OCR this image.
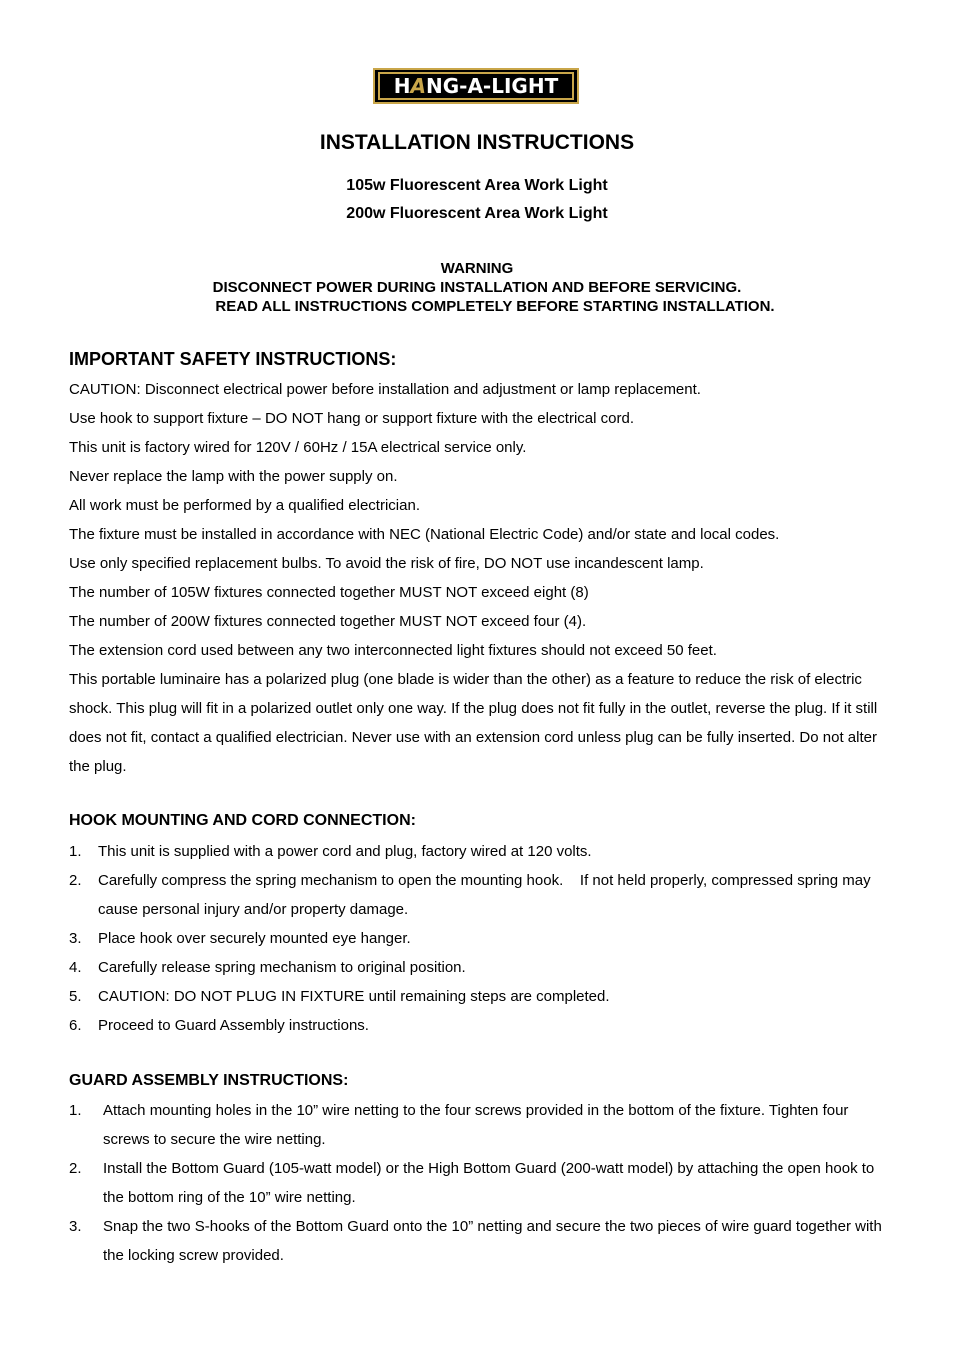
H A NG-A-LIGHT
INSTALLATION INSTRUCTIONS
105w Fluorescent Area Work Light
200w Fluorescent Area Work Light
WARNING
DISCONNECT POWER DURING INSTALLATION AND BEFORE SERVICING.
READ ALL INSTRUCTIONS COMPLETELY BEFORE STARTING INSTALLATION.
IMPORTANT SAFETY INSTRUCTIONS:

CAUTION: Disconnect electrical power before installation and adjustment or lamp replacement.

Use hook to support fixture – DO NOT hang or support fixture with the electrical cord.

This unit is factory wired for 120V / 60Hz / 15A electrical service only.

Never replace the lamp with the power supply on.

All work must be performed by a qualified electrician.

The fixture must be installed in accordance with NEC (National Electric Code) and/or state and local codes.

Use only specified replacement bulbs. To avoid the risk of fire, DO NOT use incandescent lamp.

The number of 105W fixtures connected together MUST NOT exceed eight (8)

The number of 200W fixtures connected together MUST NOT exceed four (4).

The extension cord used between any two interconnected light fixtures should not exceed 50 feet.

This portable luminaire has a polarized plug (one blade is wider than the other) as a feature to reduce the risk of electric shock. This plug will fit in a polarized outlet only one way. If the plug does not fit fully in the outlet, reverse the plug. If it still does not fit, contact a qualified electrician. Never use with an extension cord unless plug can be fully inserted. Do not alter the plug.

HOOK MOUNTING AND CORD CONNECTION:
1. This unit is supplied with a power cord and plug, factory wired at 120 volts.
2. Carefully compress the spring mechanism to open the mounting hook.    If not held properly, compressed spring may cause personal injury and/or property damage.
3. Place hook over securely mounted eye hanger.
4. Carefully release spring mechanism to original position.
5. CAUTION: DO NOT PLUG IN FIXTURE until remaining steps are completed.
6. Proceed to Guard Assembly instructions.
GUARD ASSEMBLY INSTRUCTIONS:
1. Attach mounting holes in the 10” wire netting to the four screws provided in the bottom of the fixture. Tighten four screws to secure the wire netting.
2. Install the Bottom Guard (105-watt model) or the High Bottom Guard (200-watt model) by attaching the open hook to the bottom ring of the 10” wire netting.
3. Snap the two S-hooks of the Bottom Guard onto the 10” netting and secure the two pieces of wire guard together with the locking screw provided.
